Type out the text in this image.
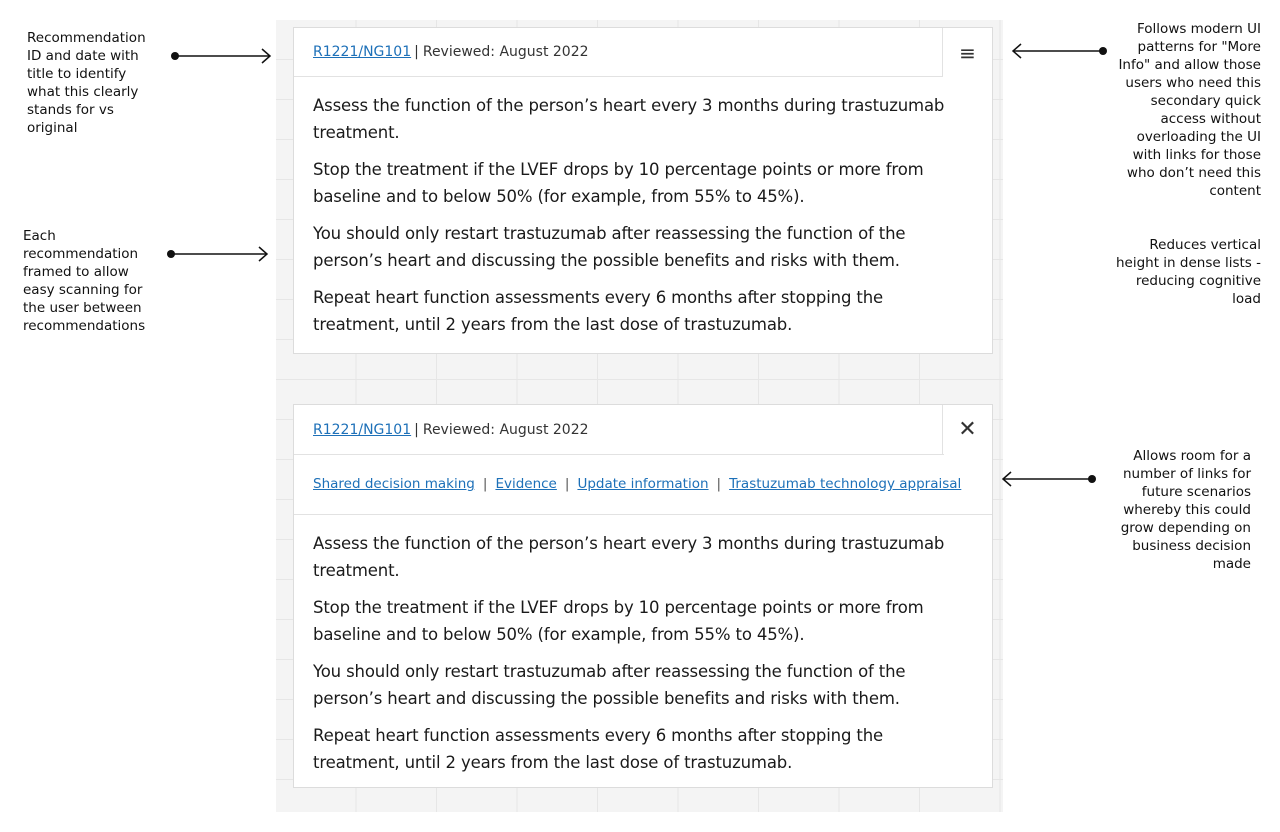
R1221/NG101 | Reviewed: August 2022	≡

Assess the function of the person’s heart every 3 months during trastuzumab treatment.

Stop the treatment if the LVEF drops by 10 percentage points or more from baseline and to below 50% (for example, from 55% to 45%).

You should only restart trastuzumab after reassessing the function of the person’s heart and discussing the possible benefits and risks with them.

Repeat heart function assessments every 6 months after stopping the treatment, until 2 years from the last dose of trastuzumab.

R1221/NG101 | Reviewed: August 2022	✕
Shared decision making | Evidence | Update information | Trastuzumab technology appraisal

Assess the function of the person’s heart every 3 months during trastuzumab treatment.

Stop the treatment if the LVEF drops by 10 percentage points or more from baseline and to below 50% (for example, from 55% to 45%).

You should only restart trastuzumab after reassessing the function of the person’s heart and discussing the possible benefits and risks with them.

Repeat heart function assessments every 6 months after stopping the treatment, until 2 years from the last dose of trastuzumab.

Recommendation ID and date with title to identify what this clearly stands for vs original
Each recommendation framed to allow easy scanning for the user between recommendations
Follows modern UI patterns for "More Info" and allow those users who need this secondary quick access without overloading the UI with links for those who don’t need this content
Reduces vertical height in dense lists - reducing cognitive load
Allows room for a number of links for future scenarios whereby this could grow depending on business decision made
